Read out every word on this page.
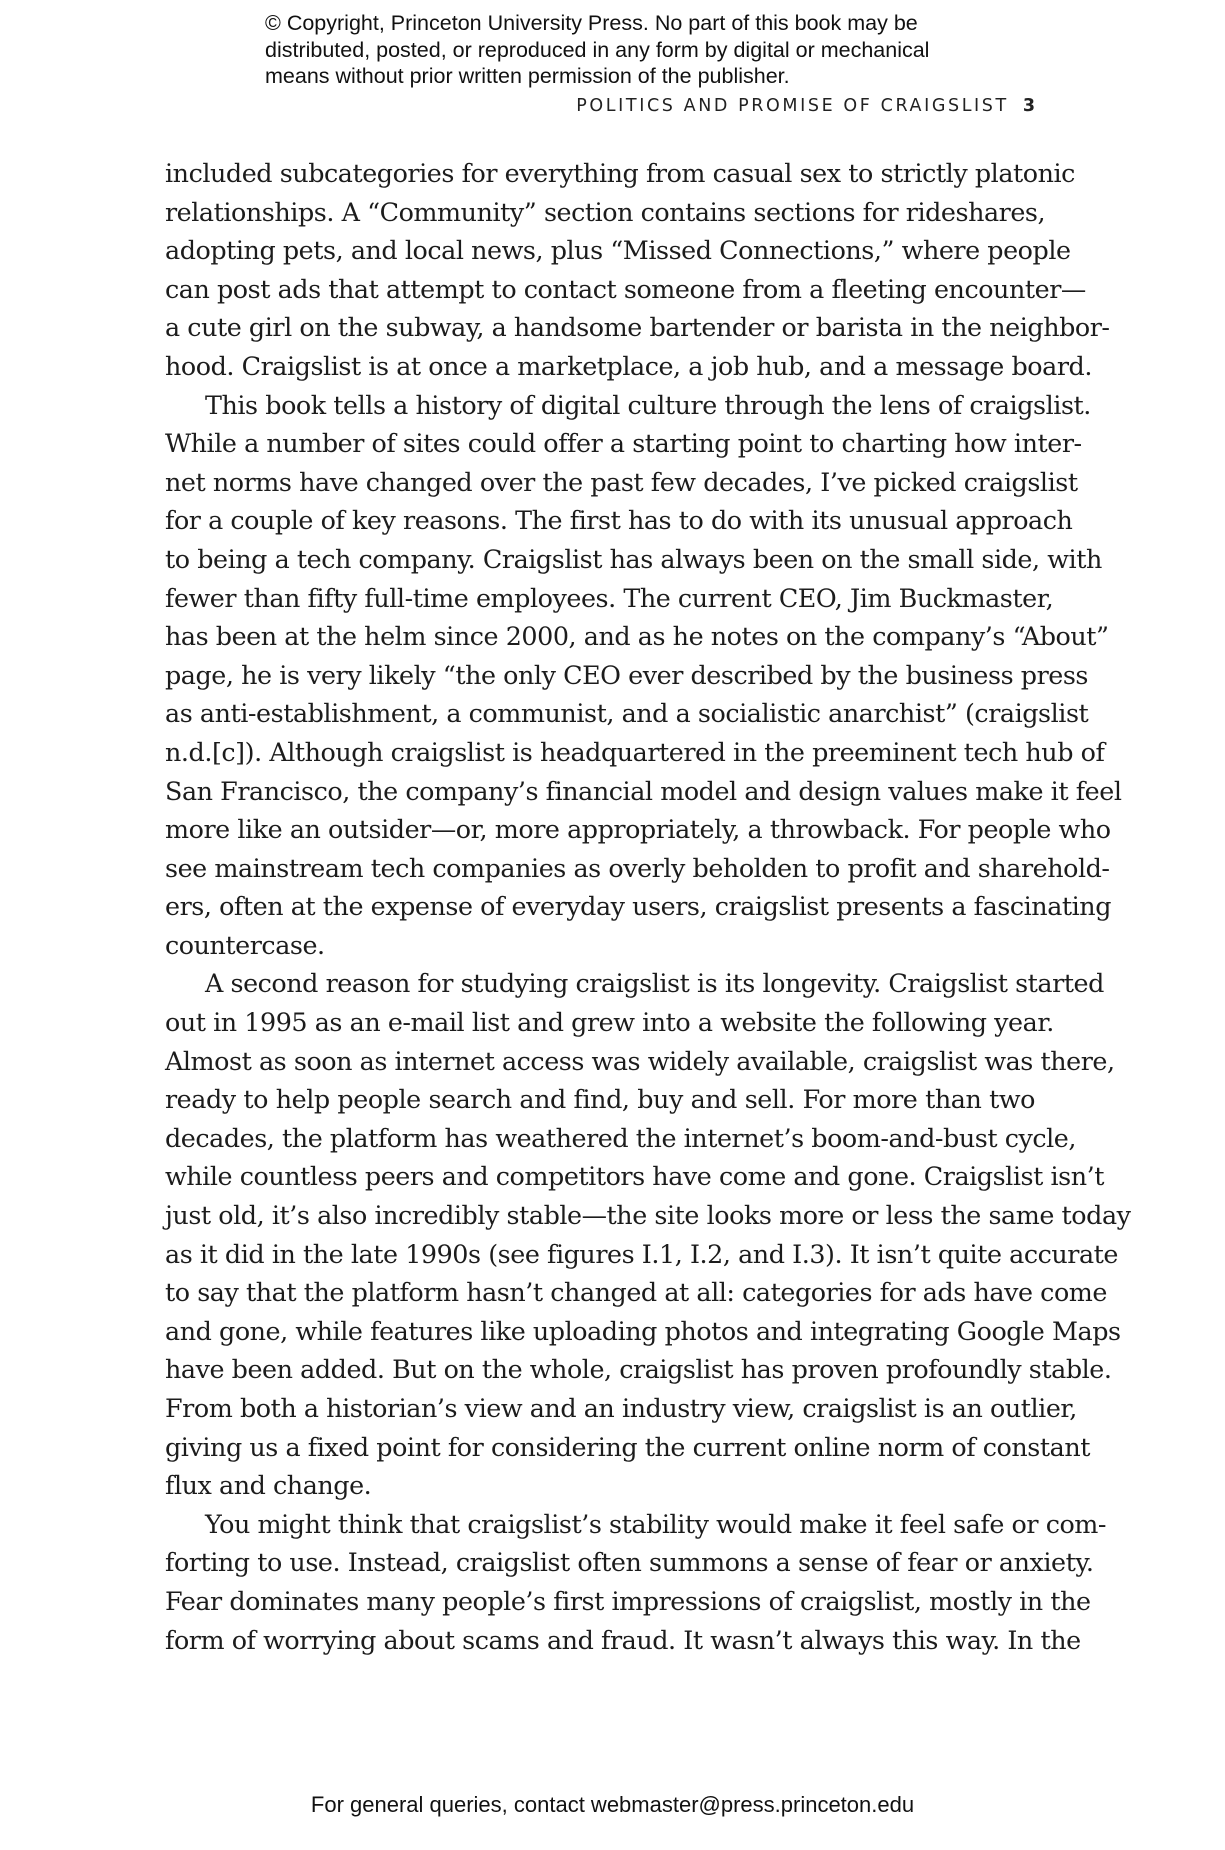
© Copyright, Princeton University Press. No part of this book may be
distributed, posted, or reproduced in any form by digital or mechanical
means without prior written permission of the publisher.
POLITICS AND PROMISE OF CRAIGSLIST 3
included subcategories for everything from casual sex to strictly platonic
relationships. A “Community” section contains sections for rideshares,
adopting pets, and local news, plus “Missed Connections,” where people
can post ads that attempt to contact someone from a fleeting encounter—
a cute girl on the subway, a handsome bartender or barista in the neighbor-
hood. Craigslist is at once a marketplace, a job hub, and a message board.
This book tells a history of digital culture through the lens of craigslist.
While a number of sites could offer a starting point to charting how inter-
net norms have changed over the past few decades, I’ve picked craigslist
for a couple of key reasons. The first has to do with its unusual approach
to being a tech company. Craigslist has always been on the small side, with
fewer than fifty full-time employees. The current CEO, Jim Buckmaster,
has been at the helm since 2000, and as he notes on the company’s “About”
page, he is very likely “the only CEO ever described by the business press
as anti-establishment, a communist, and a socialistic anarchist” (craigslist
n.d.[c]). Although craigslist is headquartered in the preeminent tech hub of
San Francisco, the company’s financial model and design values make it feel
more like an outsider—or, more appropriately, a throwback. For people who
see mainstream tech companies as overly beholden to profit and sharehold-
ers, often at the expense of everyday users, craigslist presents a fascinating
countercase.
A second reason for studying craigslist is its longevity. Craigslist started
out in 1995 as an e-mail list and grew into a website the following year.
Almost as soon as internet access was widely available, craigslist was there,
ready to help people search and find, buy and sell. For more than two
decades, the platform has weathered the internet’s boom-and-bust cycle,
while countless peers and competitors have come and gone. Craigslist isn’t
just old, it’s also incredibly stable—the site looks more or less the same today
as it did in the late 1990s (see figures I.1, I.2, and I.3). It isn’t quite accurate
to say that the platform hasn’t changed at all: categories for ads have come
and gone, while features like uploading photos and integrating Google Maps
have been added. But on the whole, craigslist has proven profoundly stable.
From both a historian’s view and an industry view, craigslist is an outlier,
giving us a fixed point for considering the current online norm of constant
flux and change.
You might think that craigslist’s stability would make it feel safe or com-
forting to use. Instead, craigslist often summons a sense of fear or anxiety.
Fear dominates many people’s first impressions of craigslist, mostly in the
form of worrying about scams and fraud. It wasn’t always this way. In the
For general queries, contact webmaster@press.princeton.edu
